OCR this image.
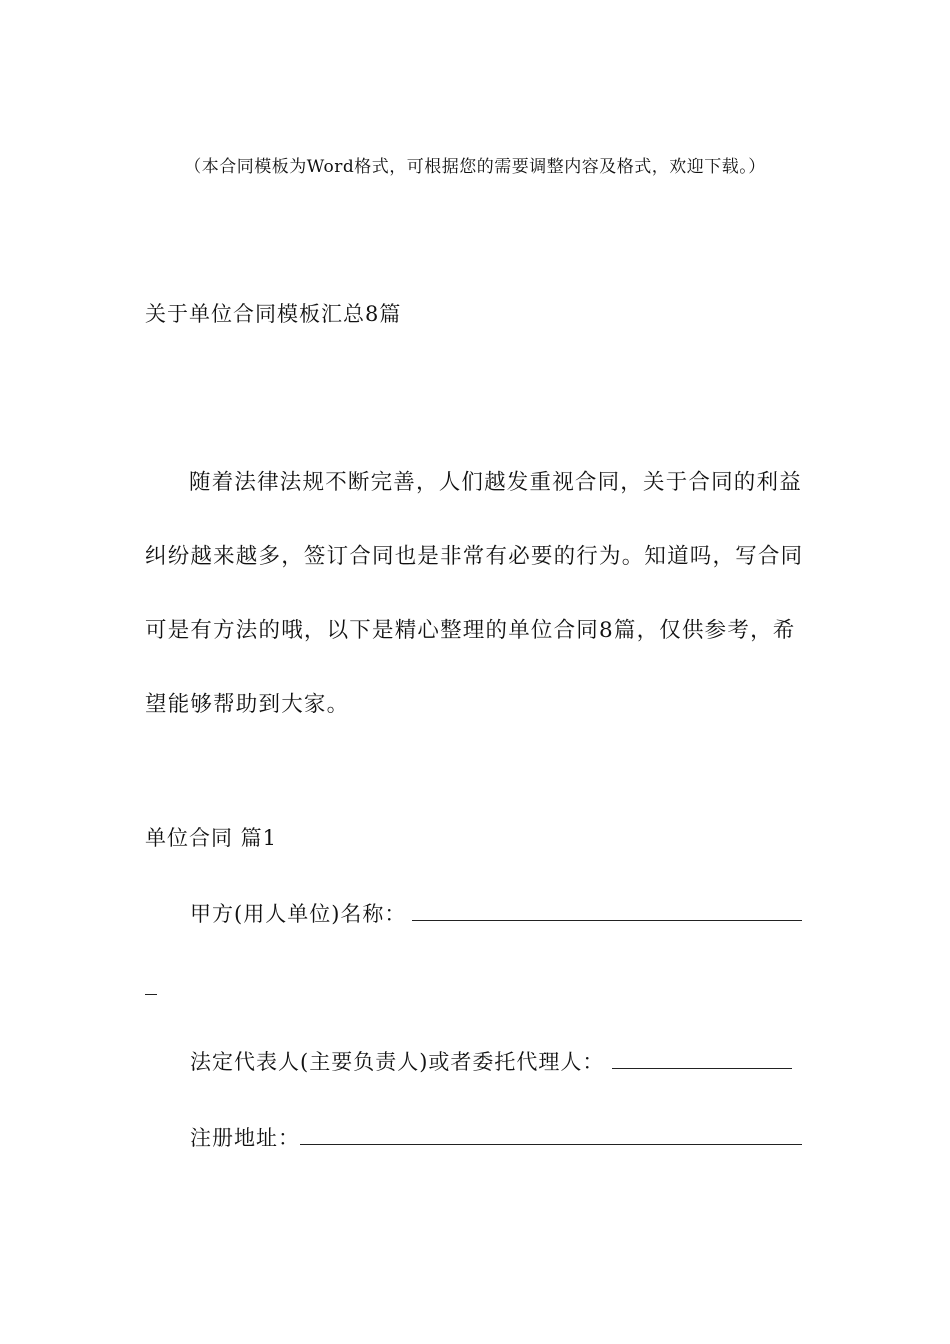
（本合同模板为Word格式，可根据您的需要调整内容及格式，欢迎下载。）
关于单位合同模板汇总8篇

随着法律法规不断完善，人们越发重视合同，关于合同的利益纠纷越来越多，签订合同也是非常有必要的行为。知道吗，写合同可是有方法的哦，以下是精心整理的单位合同8篇，仅供参考，希望能够帮助到大家。

单位合同 篇1
甲方(用人单位)名称：
法定代表人(主要负责人)或者委托代理人：
注册地址：
